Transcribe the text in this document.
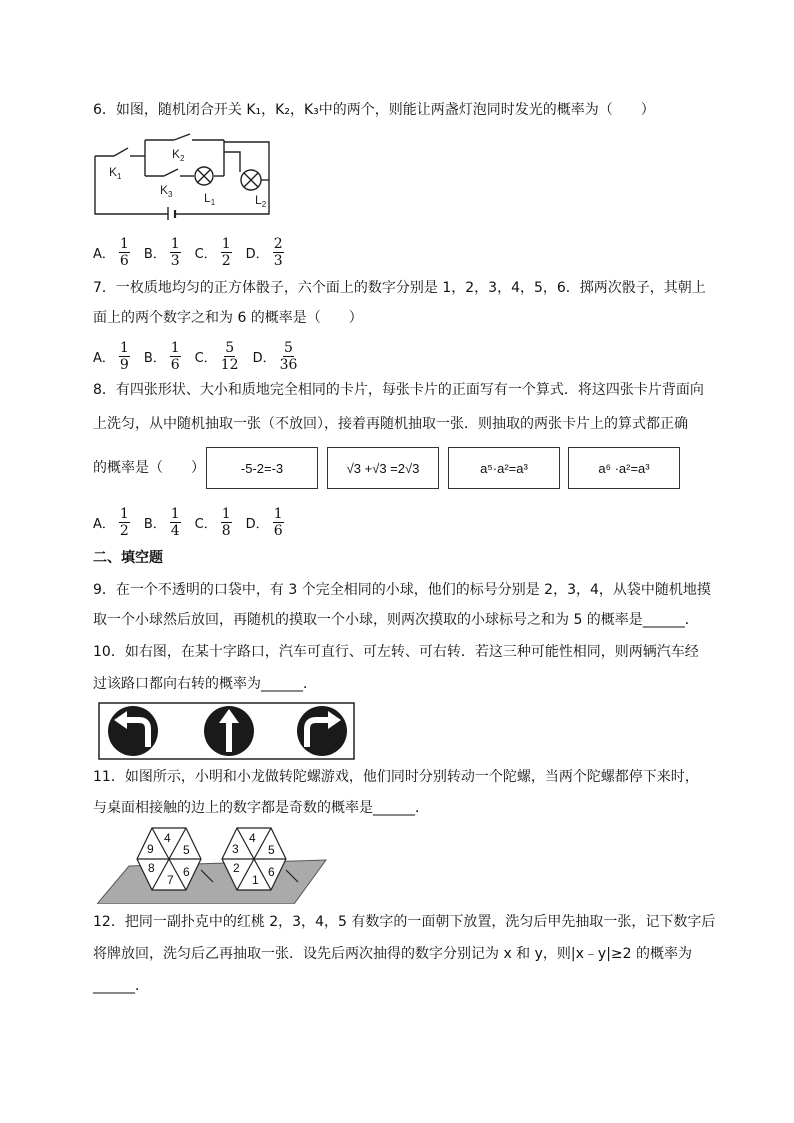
6．如图，随机闭合开关 K₁，K₂，K₃中的两个，则能让两盏灯泡同时发光的概率为（　　）
$K_1$
$K_2$
$K_3$	$L_1$	$L_2$
A． $\frac{1}{6}$ B． $\frac{1}{3}$ C． $\frac{1}{2}$ D． $\frac{2}{3}$
7．一枚质地均匀的正方体骰子，六个面上的数字分别是 1，2，3，4，5，6．掷两次骰子，其朝上
面上的两个数字之和为 6 的概率是（　　）
A． $\frac{1}{9}$ B． $\frac{1}{6}$ C． $\frac{5}{12}$ D． $\frac{5}{36}$
8．有四张形状、大小和质地完全相同的卡片，每张卡片的正面写有一个算式．将这四张卡片背面向
上洗匀，从中随机抽取一张（不放回），接着再随机抽取一张．则抽取的两张卡片上的算式都正确
的概率是（　　）	-5-2=-3	√3 +√3 =2√3	a⁵·a²=a³	a⁶ ·a²=a³
A． $\frac{1}{2}$ B． $\frac{1}{4}$ C． $\frac{1}{8}$ D． $\frac{1}{6}$
二、填空题
9．在一个不透明的口袋中，有 3 个完全相同的小球，他们的标号分别是 2，3，4，从袋中随机地摸
取一个小球然后放回，再随机的摸取一个小球，则两次摸取的小球标号之和为 5 的概率是______．
10．如右图，在某十字路口，汽车可直行、可左转、可右转．若这三种可能性相同，则两辆汽车经
过该路口都向右转的概率为______．
11．如图所示，小明和小龙做转陀螺游戏，他们同时分别转动一个陀螺，当两个陀螺都停下来时，
与桌面相接触的边上的数字都是奇数的概率是______．
4
5
6
7
8
9
4
5
6
1
2
3
12．把同一副扑克中的红桃 2，3，4，5 有数字的一面朝下放置，洗匀后甲先抽取一张，记下数字后
将牌放回，洗匀后乙再抽取一张．设先后两次抽得的数字分别记为 x 和 y，则|x﹣y|≥2 的概率为
______．
